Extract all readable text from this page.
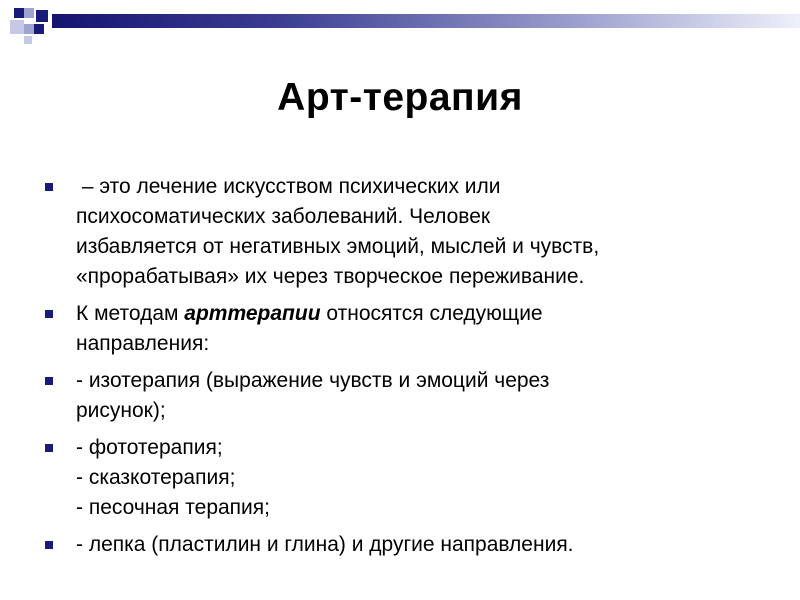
Арт-терапия
– это лечение искусством психических или
психосоматических заболеваний. Человек
избавляется от негативных эмоций, мыслей и чувств,
«прорабатывая» их через творческое переживание.
К методам арттерапии относятся следующие
направления:
- изотерапия (выражение чувств и эмоций через
рисунок);
- фототерапия;
- сказкотерапия;
- песочная терапия;
- лепка (пластилин и глина) и другие направления.
